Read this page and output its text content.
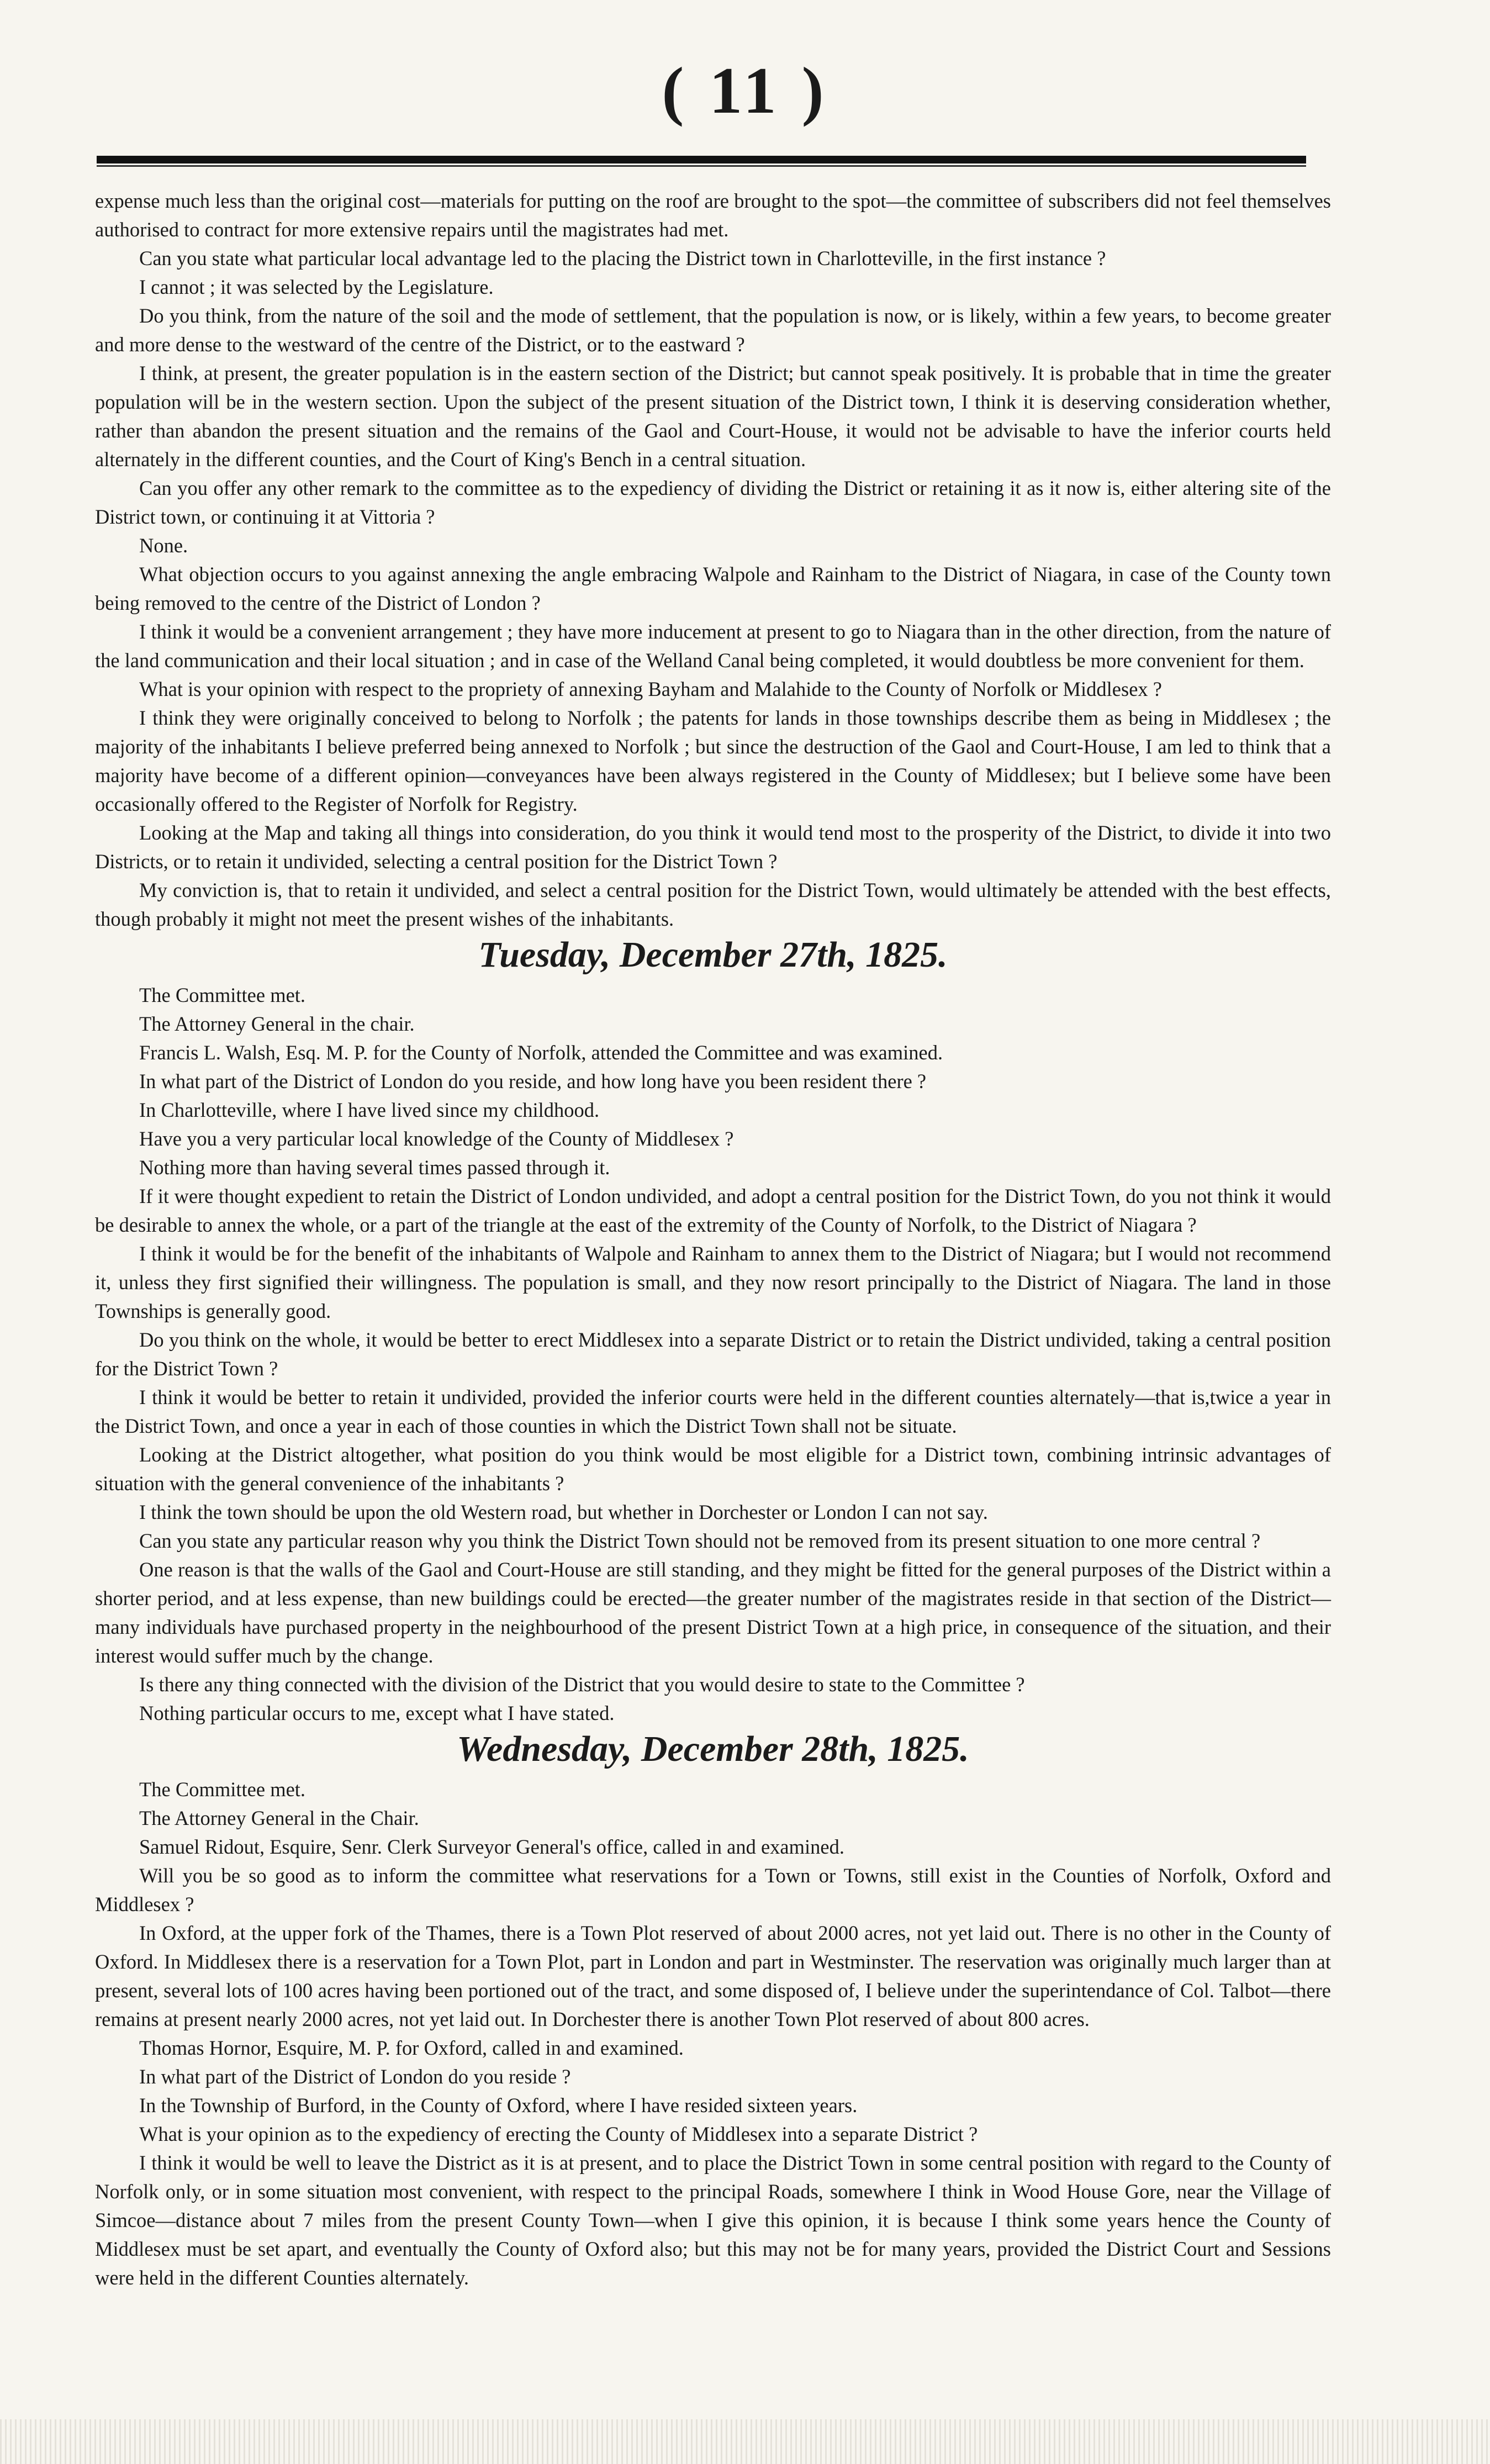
( 11 )

expense much less than the original cost—materials for putting on the roof are brought to the spot—the committee of subscribers did not feel themselves authorised to contract for more extensive repairs until the magistrates had met.

Can you state what particular local advantage led to the placing the District town in Charlotteville, in the first instance ?

I cannot ; it was selected by the Legislature.

Do you think, from the nature of the soil and the mode of settlement, that the population is now, or is likely, within a few years, to become greater and more dense to the westward of the centre of the District, or to the eastward ?

I think, at present, the greater population is in the eastern section of the District; but cannot speak positively. It is probable that in time the greater population will be in the western section. Upon the subject of the present situation of the District town, I think it is deserving consideration whether, rather than abandon the present situation and the remains of the Gaol and Court-House, it would not be advisable to have the inferior courts held alternately in the different counties, and the Court of King's Bench in a central situation.

Can you offer any other remark to the committee as to the expediency of dividing the District or retaining it as it now is, either altering site of the District town, or continuing it at Vittoria ?

None.

What objection occurs to you against annexing the angle embracing Walpole and Rainham to the District of Niagara, in case of the County town being removed to the centre of the District of London ?

I think it would be a convenient arrangement ; they have more inducement at present to go to Niagara than in the other direction, from the nature of the land communication and their local situation ; and in case of the Welland Canal being completed, it would doubtless be more convenient for them.

What is your opinion with respect to the propriety of annexing Bayham and Malahide to the County of Norfolk or Middlesex ?

I think they were originally conceived to belong to Norfolk ; the patents for lands in those townships describe them as being in Middlesex ; the majority of the inhabitants I believe preferred being annexed to Norfolk ; but since the destruction of the Gaol and Court-House, I am led to think that a majority have become of a different opinion—conveyances have been always registered in the County of Middlesex; but I believe some have been occasionally offered to the Register of Norfolk for Registry.

Looking at the Map and taking all things into consideration, do you think it would tend most to the prosperity of the District, to divide it into two Districts, or to retain it undivided, selecting a central position for the District Town ?

My conviction is, that to retain it undivided, and select a central position for the District Town, would ultimately be attended with the best effects, though probably it might not meet the present wishes of the inhabitants.

Tuesday, December 27th, 1825.

The Committee met.

The Attorney General in the chair.

Francis L. Walsh, Esq. M. P. for the County of Norfolk, attended the Committee and was examined.

In what part of the District of London do you reside, and how long have you been resident there ?

In Charlotteville, where I have lived since my childhood.

Have you a very particular local knowledge of the County of Middlesex ?

Nothing more than having several times passed through it.

If it were thought expedient to retain the District of London undivided, and adopt a central position for the District Town, do you not think it would be desirable to annex the whole, or a part of the triangle at the east of the extremity of the County of Norfolk, to the District of Niagara ?

I think it would be for the benefit of the inhabitants of Walpole and Rainham to annex them to the District of Niagara; but I would not recommend it, unless they first signified their willingness. The population is small, and they now resort principally to the District of Niagara. The land in those Townships is generally good.

Do you think on the whole, it would be better to erect Middlesex into a separate District or to retain the District undivided, taking a central position for the District Town ?

I think it would be better to retain it undivided, provided the inferior courts were held in the different counties alternately—that is,twice a year in the District Town, and once a year in each of those counties in which the District Town shall not be situate.

Looking at the District altogether, what position do you think would be most eligible for a District town, combining intrinsic advantages of situation with the general convenience of the inhabitants ?

I think the town should be upon the old Western road, but whether in Dorchester or London I can not say.

Can you state any particular reason why you think the District Town should not be removed from its present situation to one more central ?

One reason is that the walls of the Gaol and Court-House are still standing, and they might be fitted for the general purposes of the District within a shorter period, and at less expense, than new buildings could be erected—the greater number of the magistrates reside in that section of the District—many individuals have purchased property in the neighbourhood of the present District Town at a high price, in consequence of the situation, and their interest would suffer much by the change.

Is there any thing connected with the division of the District that you would desire to state to the Committee ?

Nothing particular occurs to me, except what I have stated.

Wednesday, December 28th, 1825.

The Committee met.

The Attorney General in the Chair.

Samuel Ridout, Esquire, Senr. Clerk Surveyor General's office, called in and examined.

Will you be so good as to inform the committee what reservations for a Town or Towns, still exist in the Counties of Norfolk, Oxford and Middlesex ?

In Oxford, at the upper fork of the Thames, there is a Town Plot reserved of about 2000 acres, not yet laid out. There is no other in the County of Oxford. In Middlesex there is a reservation for a Town Plot, part in London and part in Westminster. The reservation was originally much larger than at present, several lots of 100 acres having been portioned out of the tract, and some disposed of, I believe under the superintendance of Col. Talbot—there remains at present nearly 2000 acres, not yet laid out. In Dorchester there is another Town Plot reserved of about 800 acres.

Thomas Hornor, Esquire, M. P. for Oxford, called in and examined.

In what part of the District of London do you reside ?

In the Township of Burford, in the County of Oxford, where I have resided sixteen years.

What is your opinion as to the expediency of erecting the County of Middlesex into a separate District ?

I think it would be well to leave the District as it is at present, and to place the District Town in some central position with regard to the County of Norfolk only, or in some situation most convenient, with respect to the principal Roads, somewhere I think in Wood House Gore, near the Village of Simcoe—distance about 7 miles from the present County Town—when I give this opinion, it is because I think some years hence the County of Middlesex must be set apart, and eventually the County of Oxford also; but this may not be for many years, provided the District Court and Sessions were held in the different Counties alternately.
